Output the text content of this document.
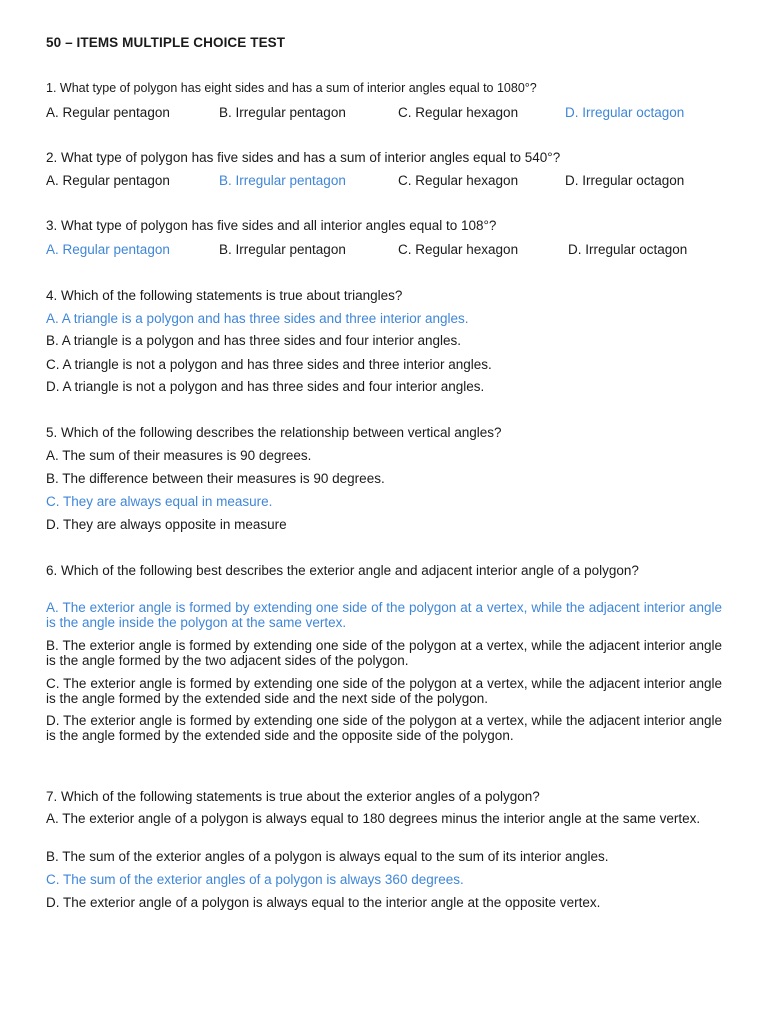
50 – ITEMS MULTIPLE CHOICE TEST
1. What type of polygon has eight sides and has a sum of interior angles equal to 1080°?
A. Regular pentagon	B. Irregular pentagon	C. Regular hexagon	D. Irregular octagon
2. What type of polygon has five sides and has a sum of interior angles equal to 540°?
A. Regular pentagon	B. Irregular pentagon	C. Regular hexagon	D. Irregular octagon
3. What type of polygon has five sides and all interior angles equal to 108°?
A. Regular pentagon	B. Irregular pentagon	C. Regular hexagon	D. Irregular octagon
4. Which of the following statements is true about triangles?
A. A triangle is a polygon and has three sides and three interior angles.
B. A triangle is a polygon and has three sides and four interior angles.
C. A triangle is not a polygon and has three sides and three interior angles.
D. A triangle is not a polygon and has three sides and four interior angles.
5. Which of the following describes the relationship between vertical angles?
A. The sum of their measures is 90 degrees.
B. The difference between their measures is 90 degrees.
C. They are always equal in measure.
D. They are always opposite in measure
6. Which of the following best describes the exterior angle and adjacent interior angle of a polygon?
A. The exterior angle is formed by extending one side of the polygon at a vertex, while the adjacent interior angle is the angle inside the polygon at the same vertex.
B. The exterior angle is formed by extending one side of the polygon at a vertex, while the adjacent interior angle is the angle formed by the two adjacent sides of the polygon.
C. The exterior angle is formed by extending one side of the polygon at a vertex, while the adjacent interior angle is the angle formed by the extended side and the next side of the polygon.
D. The exterior angle is formed by extending one side of the polygon at a vertex, while the adjacent interior angle is the angle formed by the extended side and the opposite side of the polygon.
7. Which of the following statements is true about the exterior angles of a polygon?
A. The exterior angle of a polygon is always equal to 180 degrees minus the interior angle at the same vertex.
B. The sum of the exterior angles of a polygon is always equal to the sum of its interior angles.
C. The sum of the exterior angles of a polygon is always 360 degrees.
D. The exterior angle of a polygon is always equal to the interior angle at the opposite vertex.
